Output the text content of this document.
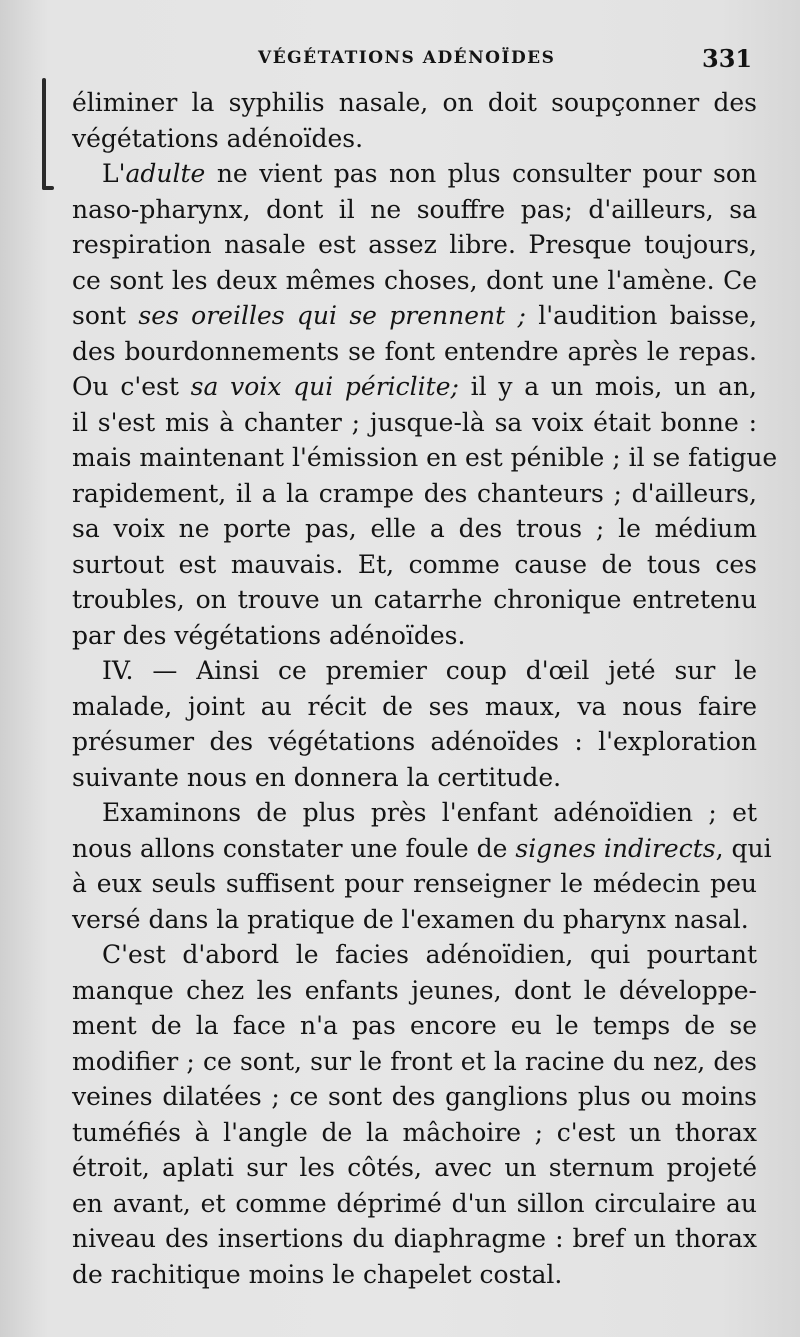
VÉGÉTATIONS ADÉNOÏDES	331
éliminer la syphilis nasale, on doit soupçonner des
végétations adénoïdes.
L'adulte ne vient pas non plus consulter pour son
naso-pharynx, dont il ne souffre pas; d'ailleurs, sa
respiration nasale est assez libre. Presque toujours,
ce sont les deux mêmes choses, dont une l'amène. Ce
sont ses oreilles qui se prennent ; l'audition baisse,
des bourdonnements se font entendre après le repas.
Ou c'est sa voix qui périclite; il y a un mois, un an,
il s'est mis à chanter ; jusque-là sa voix était bonne :
mais maintenant l'émission en est pénible ; il se fatigue
rapidement, il a la crampe des chanteurs ; d'ailleurs,
sa voix ne porte pas, elle a des trous ; le médium
surtout est mauvais. Et, comme cause de tous ces
troubles, on trouve un catarrhe chronique entretenu
par des végétations adénoïdes.
IV. — Ainsi ce premier coup d'œil jeté sur le
malade, joint au récit de ses maux, va nous faire
présumer des végétations adénoïdes : l'exploration
suivante nous en donnera la certitude.
Examinons de plus près l'enfant adénoïdien ; et
nous allons constater une foule de signes indirects, qui
à eux seuls suffisent pour renseigner le médecin peu
versé dans la pratique de l'examen du pharynx nasal.
C'est d'abord le facies adénoïdien, qui pourtant
manque chez les enfants jeunes, dont le développe-
ment de la face n'a pas encore eu le temps de se
modifier ; ce sont, sur le front et la racine du nez, des
veines dilatées ; ce sont des ganglions plus ou moins
tuméfiés à l'angle de la mâchoire ; c'est un thorax
étroit, aplati sur les côtés, avec un sternum projeté
en avant, et comme déprimé d'un sillon circulaire au
niveau des insertions du diaphragme : bref un thorax
de rachitique moins le chapelet costal.
